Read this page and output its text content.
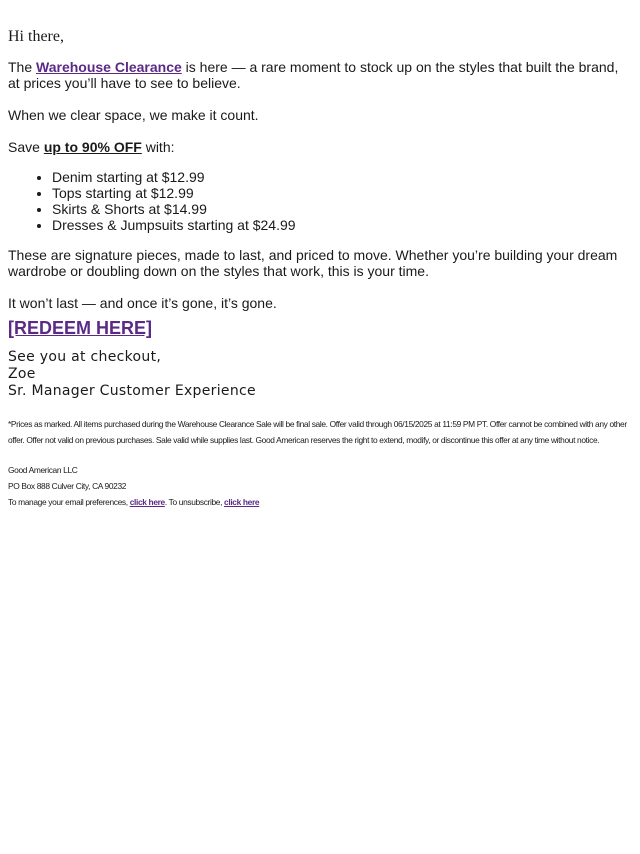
Hi there,

The Warehouse Clearance is here — a rare moment to stock up on the styles that built the brand, at prices you’ll have to see to believe.

When we clear space, we make it count.

Save up to 90% OFF with:

• Denim starting at $12.99
• Tops starting at $12.99
• Skirts & Shorts at $14.99
• Dresses & Jumpsuits starting at $24.99

These are signature pieces, made to last, and priced to move. Whether you’re building your dream wardrobe or doubling down on the styles that work, this is your time.

It won’t last — and once it’s gone, it’s gone.

[REDEEM HERE]
See you at checkout,
Zoe
Sr. Manager Customer Experience
*Prices as marked. All items purchased during the Warehouse Clearance Sale will be final sale. Offer valid through 06/15/2025 at 11:59 PM PT. Offer cannot be combined with any other offer. Offer not valid on previous purchases. Sale valid while supplies last. Good American reserves the right to extend, modify, or discontinue this offer at any time without notice.
Good American LLC
PO Box 888 Culver City, CA 90232
To manage your email preferences, click here. To unsubscribe, click here
